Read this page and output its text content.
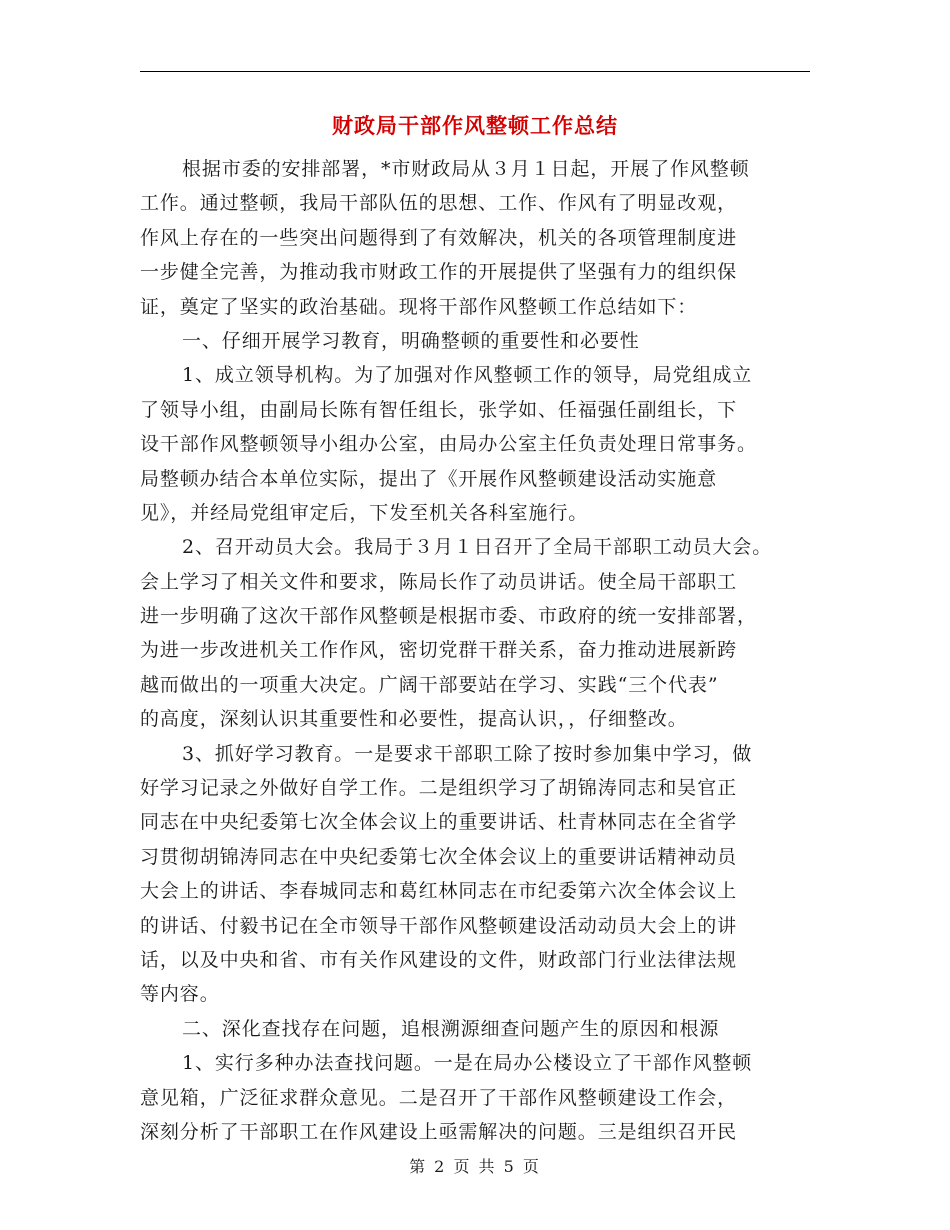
财政局干部作风整顿工作总结
根据市委的安排部署，*市财政局从３月１日起，开展了作风整顿
工作。通过整顿，我局干部队伍的思想、工作、作风有了明显改观，
作风上存在的一些突出问题得到了有效解决，机关的各项管理制度进
一步健全完善，为推动我市财政工作的开展提供了坚强有力的组织保
证，奠定了坚实的政治基础。现将干部作风整顿工作总结如下：
一、仔细开展学习教育，明确整顿的重要性和必要性
1、成立领导机构。为了加强对作风整顿工作的领导，局党组成立
了领导小组，由副局长陈有智任组长，张学如、任福强任副组长，下
设干部作风整顿领导小组办公室，由局办公室主任负责处理日常事务。
局整顿办结合本单位实际，提出了《开展作风整顿建设活动实施意
见》，并经局党组审定后，下发至机关各科室施行。
2、召开动员大会。我局于３月１日召开了全局干部职工动员大会。
会上学习了相关文件和要求，陈局长作了动员讲话。使全局干部职工
进一步明确了这次干部作风整顿是根据市委、市政府的统一安排部署，
为进一步改进机关工作作风，密切党群干群关系，奋力推动进展新跨
越而做出的一项重大决定。广阔干部要站在学习、实践“三个代表”
的高度，深刻认识其重要性和必要性，提高认识，，仔细整改。
3、抓好学习教育。一是要求干部职工除了按时参加集中学习，做
好学习记录之外做好自学工作。二是组织学习了胡锦涛同志和吴官正
同志在中央纪委第七次全体会议上的重要讲话、杜青林同志在全省学
习贯彻胡锦涛同志在中央纪委第七次全体会议上的重要讲话精神动员
大会上的讲话、李春城同志和葛红林同志在市纪委第六次全体会议上
的讲话、付毅书记在全市领导干部作风整顿建设活动动员大会上的讲
话，以及中央和省、市有关作风建设的文件，财政部门行业法律法规
等内容。
二、深化查找存在问题，追根溯源细查问题产生的原因和根源
1、实行多种办法查找问题。一是在局办公楼设立了干部作风整顿
意见箱，广泛征求群众意见。二是召开了干部作风整顿建设工作会，
深刻分析了干部职工在作风建设上亟需解决的问题。三是组织召开民
第 2 页 共 5 页
